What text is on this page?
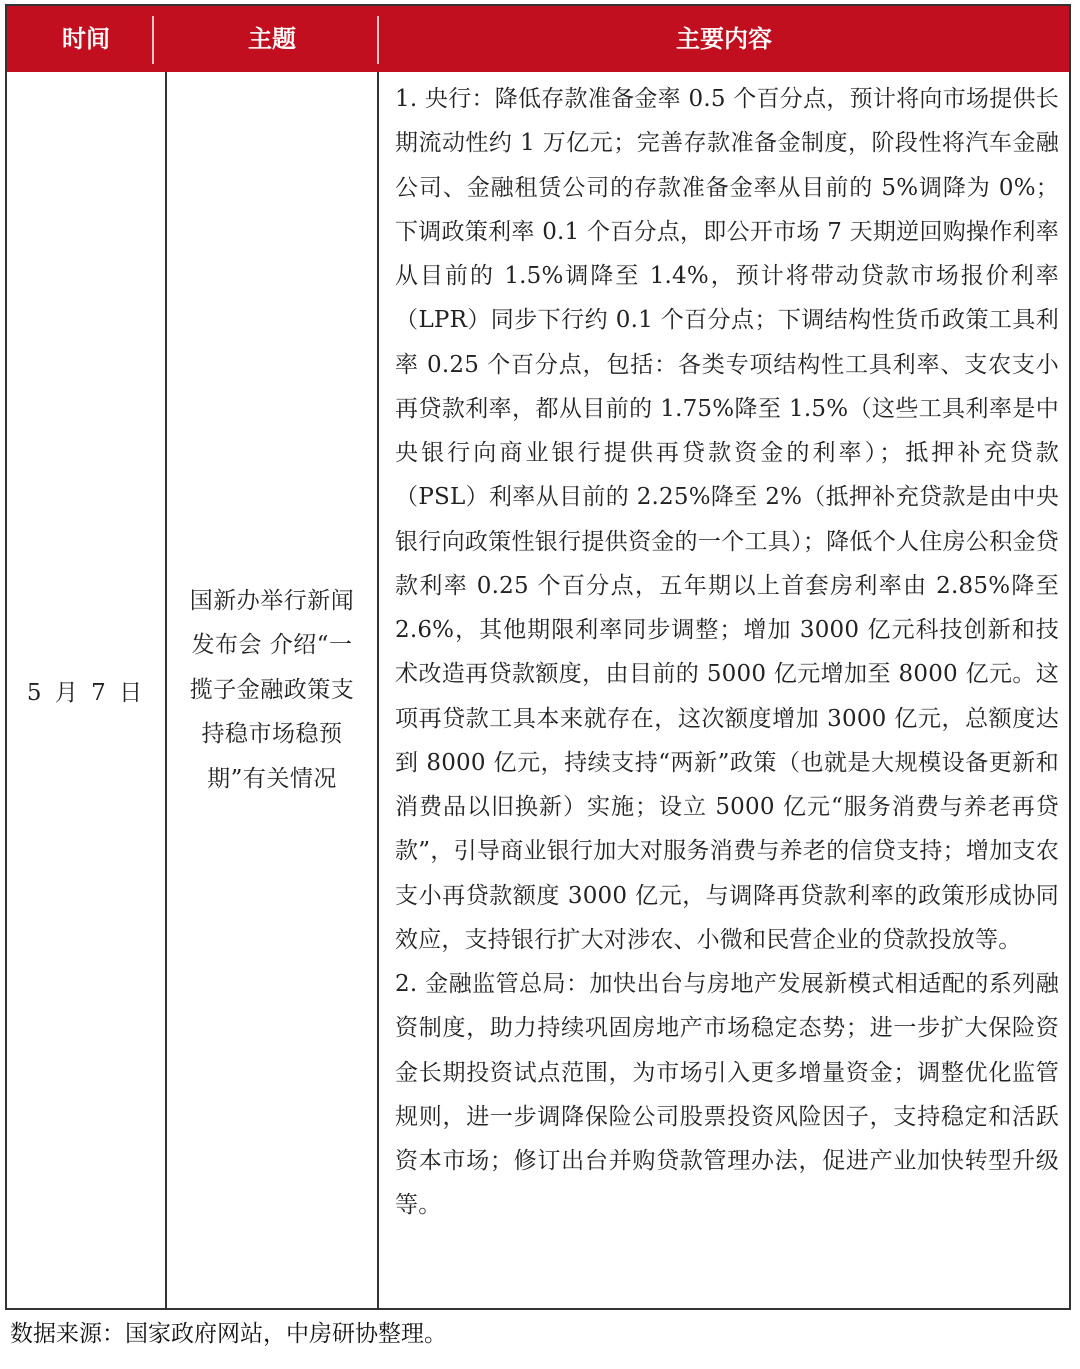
时间	主题	主要内容
5 月 7 日
国新办举行新闻发布会 介绍“一揽子金融政策支持稳市场稳预期”有关情况

1. 央行：降低存款准备金率 0.5 个百分点，预计将向市场提供长期流动性约 1 万亿元；完善存款准备金制度，阶段性将汽车金融公司、金融租赁公司的存款准备金率从目前的 5%调降为 0%；下调政策利率 0.1 个百分点，即公开市场 7 天期逆回购操作利率从目前的 1.5%调降至 1.4%，预计将带动贷款市场报价利率（LPR）同步下行约 0.1 个百分点；下调结构性货币政策工具利率 0.25 个百分点，包括：各类专项结构性工具利率、支农支小再贷款利率，都从目前的 1.75%降至 1.5%（这些工具利率是中央银行向商业银行提供再贷款资金的利率）；抵押补充贷款（PSL）利率从目前的 2.25%降至 2%（抵押补充贷款是由中央银行向政策性银行提供资金的一个工具）；降低个人住房公积金贷款利率 0.25 个百分点，五年期以上首套房利率由 2.85%降至 2.6%，其他期限利率同步调整；增加 3000 亿元科技创新和技术改造再贷款额度，由目前的 5000 亿元增加至 8000 亿元。这项再贷款工具本来就存在，这次额度增加 3000 亿元，总额度达到 8000 亿元，持续支持“两新”政策（也就是大规模设备更新和消费品以旧换新）实施；设立 5000 亿元“服务消费与养老再贷款”，引导商业银行加大对服务消费与养老的信贷支持；增加支农支小再贷款额度 3000 亿元，与调降再贷款利率的政策形成协同效应，支持银行扩大对涉农、小微和民营企业的贷款投放等。

2. 金融监管总局：加快出台与房地产发展新模式相适配的系列融资制度，助力持续巩固房地产市场稳定态势；进一步扩大保险资金长期投资试点范围，为市场引入更多增量资金；调整优化监管规则，进一步调降保险公司股票投资风险因子，支持稳定和活跃资本市场；修订出台并购贷款管理办法，促进产业加快转型升级等。

数据来源：国家政府网站，中房研协整理。
